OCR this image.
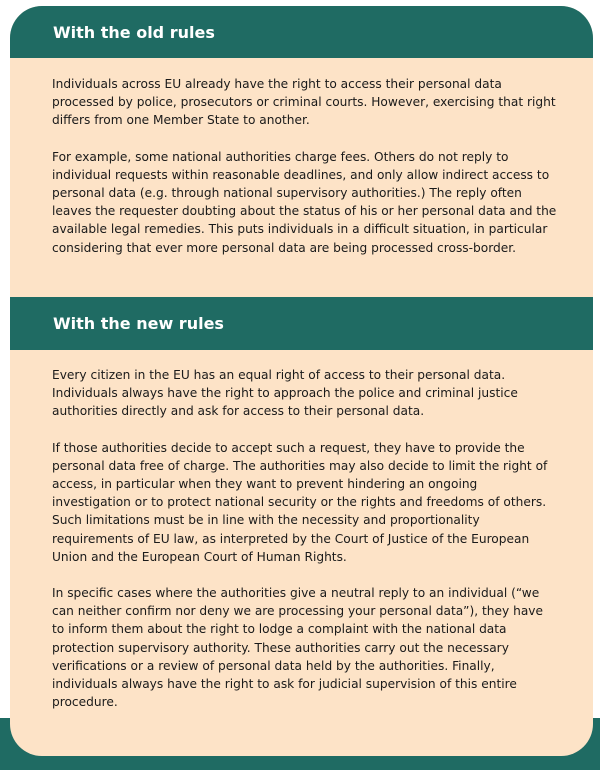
With the old rules

Individuals across EU already have the right to access their personal data processed by police, prosecutors or criminal courts. However, exercising that right differs from one Member State to another.

For example, some national authorities charge fees. Others do not reply to individual requests within reasonable deadlines, and only allow indirect access to personal data (e.g. through national supervisory authorities.) The reply often leaves the requester doubting about the status of his or her personal data and the available legal remedies. This puts individuals in a difficult situation, in particular considering that ever more personal data are being processed cross-border.

With the new rules

Every citizen in the EU has an equal right of access to their personal data. Individuals always have the right to approach the police and criminal justice authorities directly and ask for access to their personal data.

If those authorities decide to accept such a request, they have to provide the personal data free of charge. The authorities may also decide to limit the right of access, in particular when they want to prevent hindering an ongoing investigation or to protect national security or the rights and freedoms of others. Such limitations must be in line with the necessity and proportionality requirements of EU law, as interpreted by the Court of Justice of the European Union and the European Court of Human Rights.

In specific cases where the authorities give a neutral reply to an individual (“we can neither confirm nor deny we are processing your personal data”), they have to inform them about the right to lodge a complaint with the national data protection supervisory authority. These authorities carry out the necessary verifications or a review of personal data held by the authorities. Finally, individuals always have the right to ask for judicial supervision of this entire procedure.
